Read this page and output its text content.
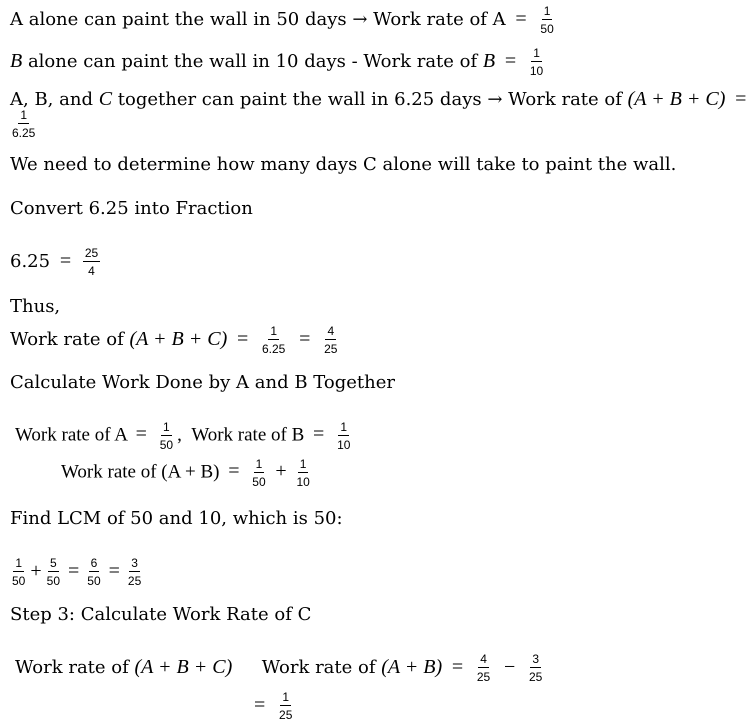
A alone can paint the wall in 50 days → Work rate of $A = \frac{1}{50}$
B alone can paint the wall in 10 days - Work rate of $B = \frac{1}{10}$
A, B, and C together can paint the wall in 6.25 days → Work rate of (A + B + C) =
$\frac{1}{6.25}$
We need to determine how many days C alone will take to paint the wall.
Convert 6.25 into Fraction
$6.25 = \frac{25}{4}$
Thus,
Work rate of $(A + B + C) = \frac{1}{6.25} = \frac{4}{25}$
Calculate Work Done by A and B Together
Work rate of $A = \frac{1}{50}$ , Work rate of $B = \frac{1}{10}$
Work rate of $(A + B) = \frac{1}{50} + \frac{1}{10}$
Find LCM of 50 and 10, which is 50:
$\frac{1}{50} + \frac{5}{50} = \frac{6}{50} = \frac{3}{25}$
Step 3: Calculate Work Rate of C
Work rate of (A + B + C) Work rate of $(A + B) = \frac{4}{25} - \frac{3}{25}$
= $\frac{1}{25}$
